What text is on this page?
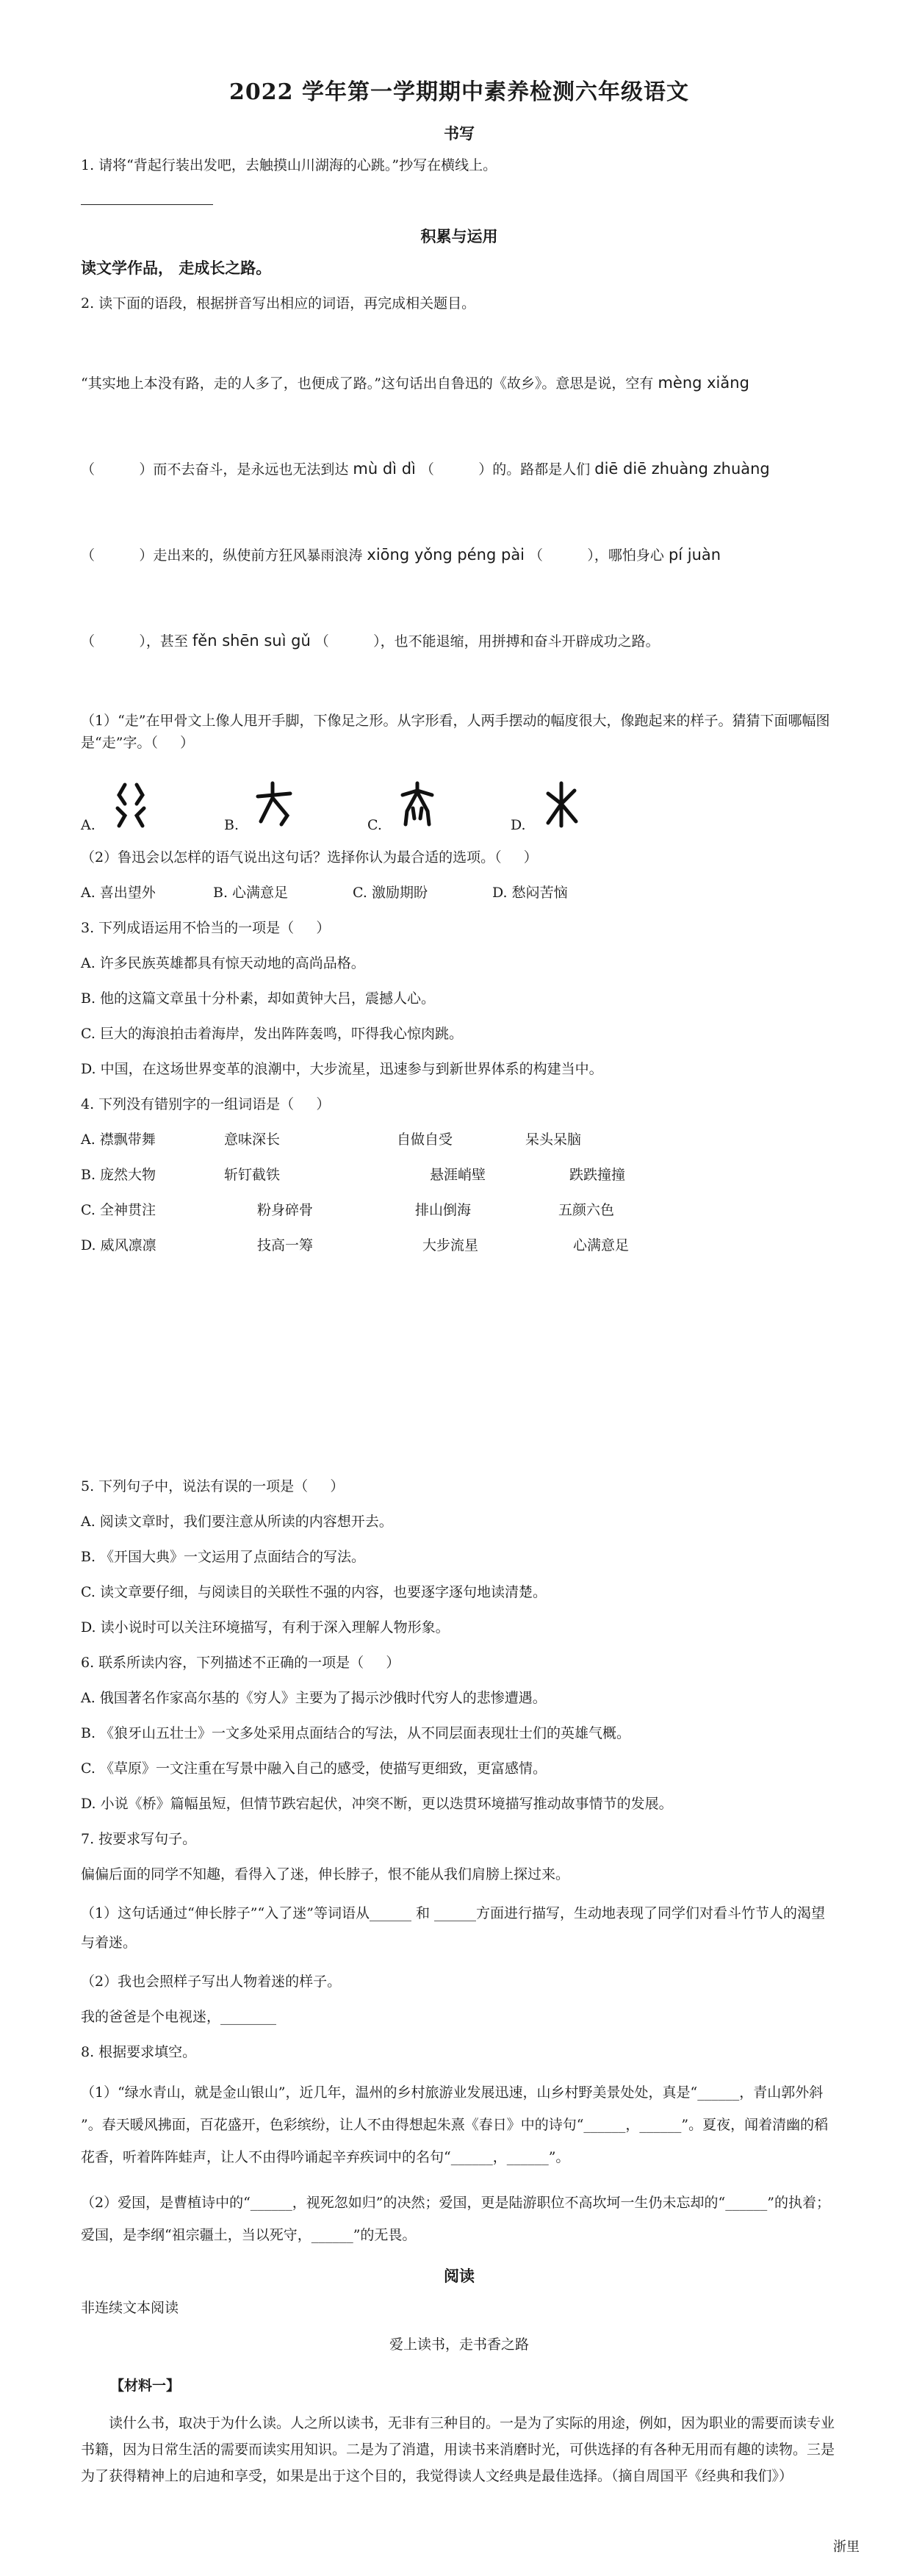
2022 学年第一学期期中素养检测六年级语文
书写
1. 请将“背起行装出发吧，去触摸山川湖海的心跳。”抄写在横线上。
积累与运用
读文学作品， 走成长之路。
2. 读下面的语段，根据拼音写出相应的词语，再完成相关题目。

“其实地上本没有路，走的人多了，也便成了路。”这句话出自鲁迅的《故乡》。意思是说，空有 mèng xiǎng

（          ）而不去奋斗，是永远也无法到达 mù dì dì （          ）的。路都是人们 diē diē zhuàng zhuàng

（          ）走出来的，纵使前方狂风暴雨浪涛 xiōng yǒng péng pài （          ），哪怕身心 pí juàn

（          ），甚至 fěn shēn suì gǔ （          ），也不能退缩，用拼搏和奋斗开辟成功之路。

（1）“走”在甲骨文上像人甩开手脚，下像足之形。从字形看，人两手摆动的幅度很大，像跑起来的样子。猜猜下面哪幅图是“走”字。（     ）
A.	B.	C.	D.
（2）鲁迅会以怎样的语气说出这句话？选择你认为最合适的选项。（     ）
A. 喜出望外	B. 心满意足	C. 激励期盼	D. 愁闷苦恼
3. 下列成语运用不恰当的一项是（     ）
A. 许多民族英雄都具有惊天动地的高尚品格。
B. 他的这篇文章虽十分朴素，却如黄钟大吕，震撼人心。
C. 巨大的海浪拍击着海岸，发出阵阵轰鸣，吓得我心惊肉跳。
D. 中国，在这场世界变革的浪潮中，大步流星，迅速参与到新世界体系的构建当中。
4. 下列没有错别字的一组词语是（     ）
A. 襟飘带舞	意味深长	自做自受	呆头呆脑
B. 庞然大物	斩钉截铁	悬涯峭壁	跌跌撞撞
C. 全神贯注	粉身碎骨	排山倒海	五颜六色
D. 威风凛凛	技高一筹	大步流星	心满意足
5. 下列句子中，说法有误的一项是（     ）
A. 阅读文章时，我们要注意从所读的内容想开去。
B. 《开国大典》一文运用了点面结合的写法。
C. 读文章要仔细，与阅读目的关联性不强的内容，也要逐字逐句地读清楚。
D. 读小说时可以关注环境描写，有利于深入理解人物形象。
6. 联系所读内容，下列描述不正确的一项是（     ）
A. 俄国著名作家高尔基的《穷人》主要为了揭示沙俄时代穷人的悲惨遭遇。
B. 《狼牙山五壮士》一文多处采用点面结合的写法，从不同层面表现壮士们的英雄气概。
C. 《草原》一文注重在写景中融入自己的感受，使描写更细致，更富感情。
D. 小说《桥》篇幅虽短，但情节跌宕起伏，冲突不断，更以迭贯环境描写推动故事情节的发展。
7. 按要求写句子。
偏偏后面的同学不知趣，看得入了迷，伸长脖子，恨不能从我们肩膀上探过来。
（1）这句话通过“伸长脖子”“入了迷”等词语从______ 和 ______方面进行描写，生动地表现了同学们对看斗竹节人的渴望与着迷。
（2）我也会照样子写出人物着迷的样子。
我的爸爸是个电视迷，________
8. 根据要求填空。
（1）“绿水青山，就是金山银山”，近几年，温州的乡村旅游业发展迅速，山乡村野美景处处，真是“______，青山郭外斜 ”。春天暖风拂面，百花盛开，色彩缤纷，让人不由得想起朱熹《春日》中的诗句“______，______”。夏夜，闻着清幽的稻花香，听着阵阵蛙声，让人不由得吟诵起辛弃疾词中的名句“______，______”。
（2）爱国，是曹植诗中的“______，视死忽如归”的决然；爱国，更是陆游职位不高坎坷一生仍未忘却的“______”的执着；爱国，是李纲“祖宗疆土，当以死守，______”的无畏。
阅读
非连续文本阅读
爱上读书，走书香之路
【材料一】

读什么书，取决于为什么读。人之所以读书，无非有三种目的。一是为了实际的用途，例如，因为职业的需要而读专业书籍，因为日常生活的需要而读实用知识。二是为了消遣，用读书来消磨时光，可供选择的有各种无用而有趣的读物。三是为了获得精神上的启迪和享受，如果是出于这个目的，我觉得读人文经典是最佳选择。（摘自周国平《经典和我们》）

浙里
